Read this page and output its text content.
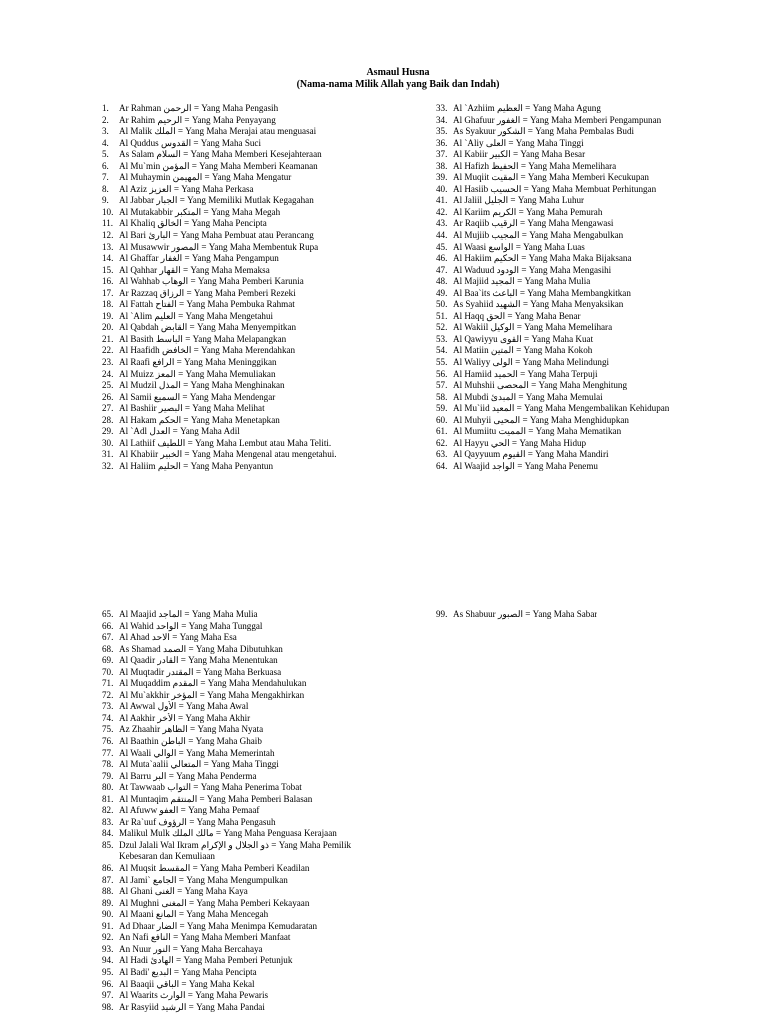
Asmaul Husna
(Nama-nama Milik Allah yang Baik dan Indah)
1.	Ar Rahman الرحمن = Yang Maha Pengasih
2.	Ar Rahim الرحيم = Yang Maha Penyayang
3.	Al Malik الملك = Yang Maha Merajai atau menguasai
4.	Al Quddus القدوس = Yang Maha Suci
5.	As Salam السلام = Yang Maha Memberi Kesejahteraan
6.	Al Mu`min المؤمن = Yang Maha Memberi Keamanan
7.	Al Muhaymin المهيمن = Yang Maha Mengatur
8.	Al Aziz العزيز = Yang Maha Perkasa
9.	Al Jabbar الجبار = Yang Memiliki Mutlak Kegagahan
10. Al Mutakabbir المتكبر = Yang Maha Megah
11. Al Khaliq الخالق = Yang Maha Pencipta
12. Al Bari البارئ = Yang Maha Pembuat atau Perancang
13. Al Musawwir المصور = Yang Maha Membentuk Rupa
14. Al Ghaffar الغفار = Yang Maha Pengampun
15. Al Qahhar القهار = Yang Maha Memaksa
16. Al Wahhab الوهاب = Yang Maha Pemberi Karunia
17. Ar Razzaq الرزاق = Yang Maha Pemberi Rezeki
18. Al Fattah الفتاح = Yang Maha Pembuka Rahmat
19. Al `Alim العليم = Yang Maha Mengetahui
20. Al Qabdah القابض = Yang Maha Menyempitkan
21. Al Basith الباسط = Yang Maha Melapangkan
22. Al Haafidh الخافض = Yang Maha Merendahkan
23. Al Raafi الرافع = Yang Maha Meninggikan
24. Al Muizz المعز = Yang Maha Memuliakan
25. Al Mudzil المذل = Yang Maha Menghinakan
26. Al Samii السميع = Yang Maha Mendengar
27. Al Bashiir البصير = Yang Maha Melihat
28. Al Hakam الحكم = Yang Maha Menetapkan
29. Al `Adl العدل = Yang Maha Adil
30. Al Lathiif اللطيف = Yang Maha Lembut atau Maha Teliti.
31. Al Khabiir الخبير = Yang Maha Mengenal atau mengetahui.
32. Al Haliim الحليم = Yang Maha Penyantun
33. Al `Azhiim العظيم = Yang Maha Agung
34. Al Ghafuur الغفور = Yang Maha Memberi Pengampunan
35. As Syakuur الشكور = Yang Maha Pembalas Budi
36. Al `Aliy العلى = Yang Maha Tinggi
37. Al Kabiir الكبير = Yang Maha Besar
38. Al Hafizh الحفيظ = Yang Maha Memelihara
39. Al Muqiit المقيت = Yang Maha Memberi Kecukupan
40. Al Hasiib الحسيب = Yang Maha Membuat Perhitungan
41. Al Jaliil الجليل = Yang Maha Luhur
42. Al Kariim الكريم = Yang Maha Pemurah
43. Ar Raqiib الرقيب = Yang Maha Mengawasi
44. Al Mujiib المجيب = Yang Maha Mengabulkan
45. Al Waasi الواسع = Yang Maha Luas
46. Al Hakiim الحكيم = Yang Maha Maka Bijaksana
47. Al Waduud الودود = Yang Maha Mengasihi
48. Al Majiid المجيد = Yang Maha Mulia
49. Al Baa`its الباعث = Yang Maha Membangkitkan
50. As Syahiid الشهيد = Yang Maha Menyaksikan
51. Al Haqq الحق = Yang Maha Benar
52. Al Wakiil الوكيل = Yang Maha Memelihara
53. Al Qawiyyu القوى = Yang Maha Kuat
54. Al Matiin المتين = Yang Maha Kokoh
55. Al Waliyy الولى = Yang Maha Melindungi
56. Al Hamiid الحميد = Yang Maha Terpuji
57. Al Muhshii المحصى = Yang Maha Menghitung
58. Al Mubdi المبدئ = Yang Maha Memulai
59. Al Mu`iid المعيد = Yang Maha Mengembalikan Kehidupan
60. Al Muhyii المحيى = Yang Maha Menghidupkan
61. Al Mumiitu المميت = Yang Maha Mematikan
62. Al Hayyu الحي = Yang Maha Hidup
63. Al Qayyuum القيوم = Yang Maha Mandiri
64. Al Waajid الواجد = Yang Maha Penemu
65. Al Maajid الماجد = Yang Maha Mulia
66. Al Wahid الواحد = Yang Maha Tunggal
67. Al Ahad الاحد = Yang Maha Esa
68. As Shamad الصمد = Yang Maha Dibutuhkan
69. Al Qaadir القادر = Yang Maha Menentukan
70. Al Muqtadir المقتدر = Yang Maha Berkuasa
71. Al Muqaddim المقدم = Yang Maha Mendahulukan
72. Al Mu`akkhir المؤخر = Yang Maha Mengakhirkan
73. Al Awwal الأول = Yang Maha Awal
74. Al Aakhir الأخر = Yang Maha Akhir
75. Az Zhaahir الظاهر = Yang Maha Nyata
76. Al Baathin الباطن = Yang Maha Ghaib
77. Al Waali الوالي = Yang Maha Memerintah
78. Al Muta`aalii المتعالي = Yang Maha Tinggi
79. Al Barru البر = Yang Maha Penderma
80. At Tawwaab التواب = Yang Maha Penerima Tobat
81. Al Muntaqim المنتقم = Yang Maha Pemberi Balasan
82. Al Afuww العفو = Yang Maha Pemaaf
83. Ar Ra`uuf الرؤوف = Yang Maha Pengasuh
84. Malikul Mulk مالك الملك = Yang Maha Penguasa Kerajaan
85. Dzul Jalali Wal Ikram ذو الجلال و الإكرام = Yang Maha Pemilik Kebesaran dan Kemuliaan
86. Al Muqsit المقسط = Yang Maha Pemberi Keadilan
87. Al Jami` الجامع = Yang Maha Mengumpulkan
88. Al Ghani الغنى = Yang Maha Kaya
89. Al Mughni المغنى = Yang Maha Pemberi Kekayaan
90. Al Maani المانع = Yang Maha Mencegah
91. Ad Dhaar الضار = Yang Maha Menimpa Kemudaratan
92. An Nafi النافع = Yang Maha Memberi Manfaat
93. An Nuur النور = Yang Maha Bercahaya
94. Al Hadi الهادئ = Yang Maha Pemberi Petunjuk
95. Al Badi' البديع = Yang Maha Pencipta
96. Al Baaqii الباقي = Yang Maha Kekal
97. Al Waarits الوارث = Yang Maha Pewaris
98. Ar Rasyiid الرشيد = Yang Maha Pandai
99. As Shabuur الصبور = Yang Maha Sabar
